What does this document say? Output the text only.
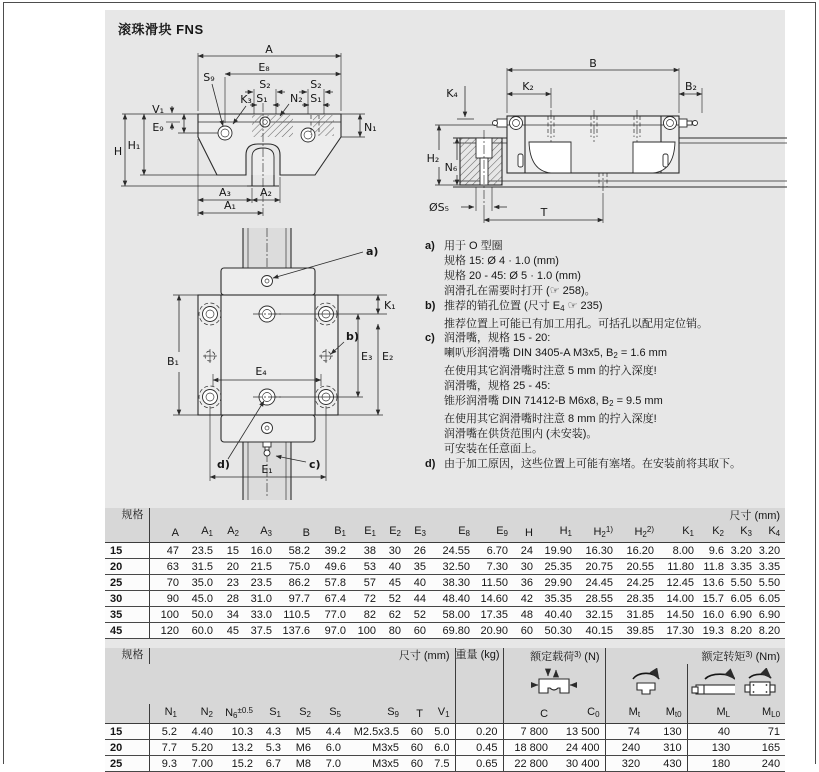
滚珠滑块 FNS
A
E₈
S₂	S₂
S₁	S₁
N₂
S₉
K₃
V₁
E₉
H₁
H
N₁
A₃	A₂
A₁
B
K₂	B₂
K₄
H₂
N₆
ØS₅	T
a)
b)
c)
d)
K₁
E₃ E₂
E₄
B₁
E₁
a) 用于 O 型圈
规格 15: Ø 4 · 1.0 (mm)
规格 20 - 45: Ø 5 · 1.0 (mm)
润滑孔在需要时打开 (☞ 258)。
b) 推荐的销孔位置 (尺寸 $E_4$ ☞ 235)
推荐位置上可能已有加工用孔。可括孔以配用定位销。
c) 润滑嘴，规格 15 - 20:
喇叭形润滑嘴 DIN 3405-A M3x5, $B_2 = 1.6$ mm
在使用其它润滑嘴时注意 5 mm 的拧入深度!
润滑嘴，规格 25 - 45:
锥形润滑嘴 DIN 71412-B M6x8, $B_2 = 9.5$ mm
在使用其它润滑嘴时注意 8 mm 的拧入深度!
润滑嘴在供货范围内 (未安装)。
可安装在任意面上。
d) 由于加工原因，这些位置上可能有塞堵。在安装前将其取下。
规格	尺寸 (mm)																		
	A	$A_1$	$A_2$	$A_3$	B	$B_1$	$E_1$	$E_2$	$E_3$	$E_8$	$E_9$	H	$H_1$	$H_2^{1)}$	$H_2^{2)}$	$K_1$	$K_2$	$K_3$	$K_4$
15	47	23.5	15	16.0	58.2	39.2	38	30	26	24.55	6.70	24	19.90	16.30	16.20	8.00	9.6	3.20	3.20
20	63	31.5	20	21.5	75.0	49.6	53	40	35	32.50	7.30	30	25.35	20.75	20.55	11.80	11.8	3.35	3.35
25	70	35.0	23	23.5	86.2	57.8	57	45	40	38.30	11.50	36	29.90	24.45	24.25	12.45	13.6	5.50	5.50
30	90	45.0	28	31.0	97.7	67.4	72	52	44	48.40	14.60	42	35.35	28.55	28.35	14.00	15.7	6.05	6.05
35	100	50.0	34	33.0	110.5	77.0	82	62	52	58.00	17.35	48	40.40	32.15	31.85	14.50	16.0	6.90	6.90
45	120	60.0	45	37.5	137.6	97.0	100	80	60	69.80	20.90	60	50.30	40.15	39.85	17.30	19.3	8.20	8.20
规格	尺寸 (mm)									重量 (kg)	额定载荷$^{3)}$ (N)		额定转矩$^{3)}$ (Nm)			

	$N_1$	$N_2$	$N_6^{\pm 0.5}$	$S_1$	$S_2$	$S_5$	$S_9$	T	$V_1$		C	$C_0$	$M_t$	$M_{t0}$	$M_L$	$M_{L0}$
15	5.2	4.40	10.3	4.3	M5	4.4	M2.5x3.5	60	5.0	0.20	7 800	13 500	74	130	40	71
20	7.7	5.20	13.2	5.3	M6	6.0	M3x5	60	6.0	0.45	18 800	24 400	240	310	130	165
25	9.3	7.00	15.2	6.7	M8	7.0	M3x5	60	7.5	0.65	22 800	30 400	320	430	180	240
